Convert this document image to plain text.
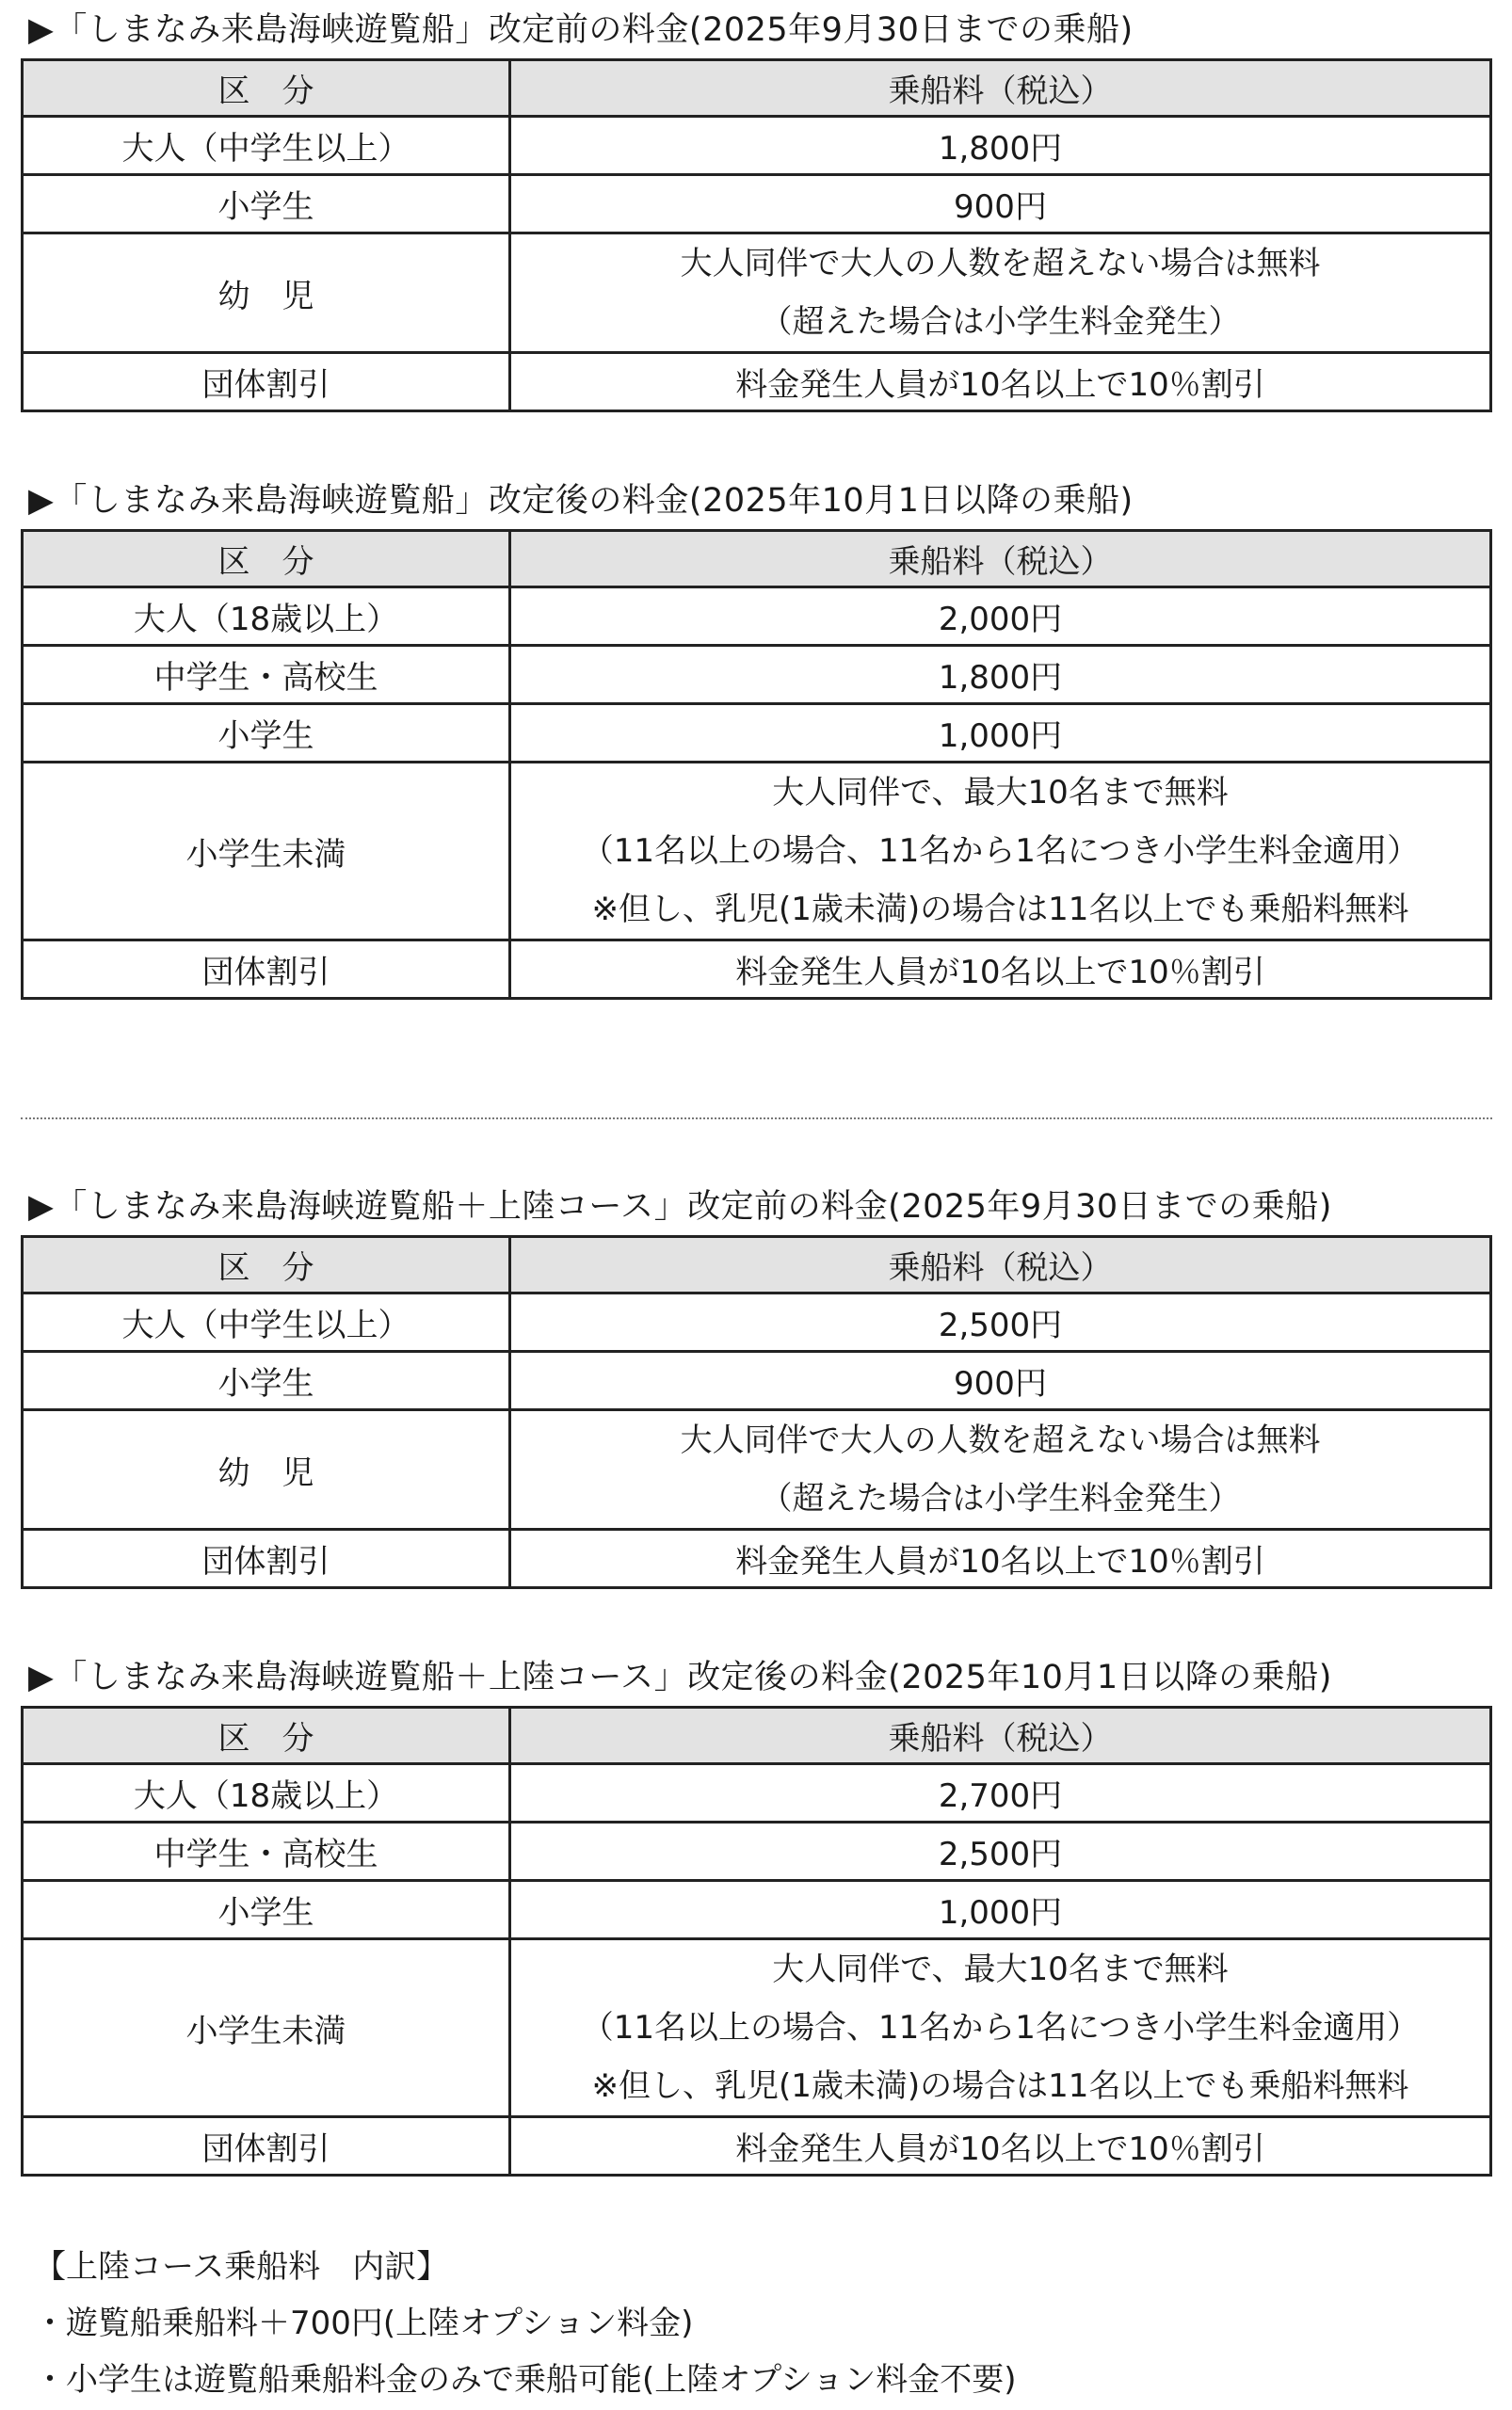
▶「しまなみ来島海峡遊覧船」改定前の料金(2025年9月30日までの乗船)
区　分	乗船料（税込）
大人（中学生以上）	1,800円
小学生	900円
幼　児	大人同伴で大人の人数を超えない場合は無料
（超えた場合は小学生料金発生）

団体割引	料金発生人員が10名以上で10％割引
▶「しまなみ来島海峡遊覧船」改定後の料金(2025年10月1日以降の乗船)
区　分	乗船料（税込）
大人（18歳以上）	2,000円
中学生・高校生	1,800円
小学生	1,000円
小学生未満	大人同伴で、最大10名まで無料
（11名以上の場合、11名から1名につき小学生料金適用）
※但し、乳児(1歳未満)の場合は11名以上でも乗船料無料

団体割引	料金発生人員が10名以上で10％割引
▶「しまなみ来島海峡遊覧船＋上陸コース」改定前の料金(2025年9月30日までの乗船)
区　分	乗船料（税込）
大人（中学生以上）	2,500円
小学生	900円
幼　児	大人同伴で大人の人数を超えない場合は無料
（超えた場合は小学生料金発生）

団体割引	料金発生人員が10名以上で10％割引
▶「しまなみ来島海峡遊覧船＋上陸コース」改定後の料金(2025年10月1日以降の乗船)
区　分	乗船料（税込）
大人（18歳以上）	2,700円
中学生・高校生	2,500円
小学生	1,000円
小学生未満	大人同伴で、最大10名まで無料
（11名以上の場合、11名から1名につき小学生料金適用）
※但し、乳児(1歳未満)の場合は11名以上でも乗船料無料

団体割引	料金発生人員が10名以上で10％割引
【上陸コース乗船料　内訳】
・遊覧船乗船料＋700円(上陸オプション料金)
・小学生は遊覧船乗船料金のみで乗船可能(上陸オプション料金不要)
